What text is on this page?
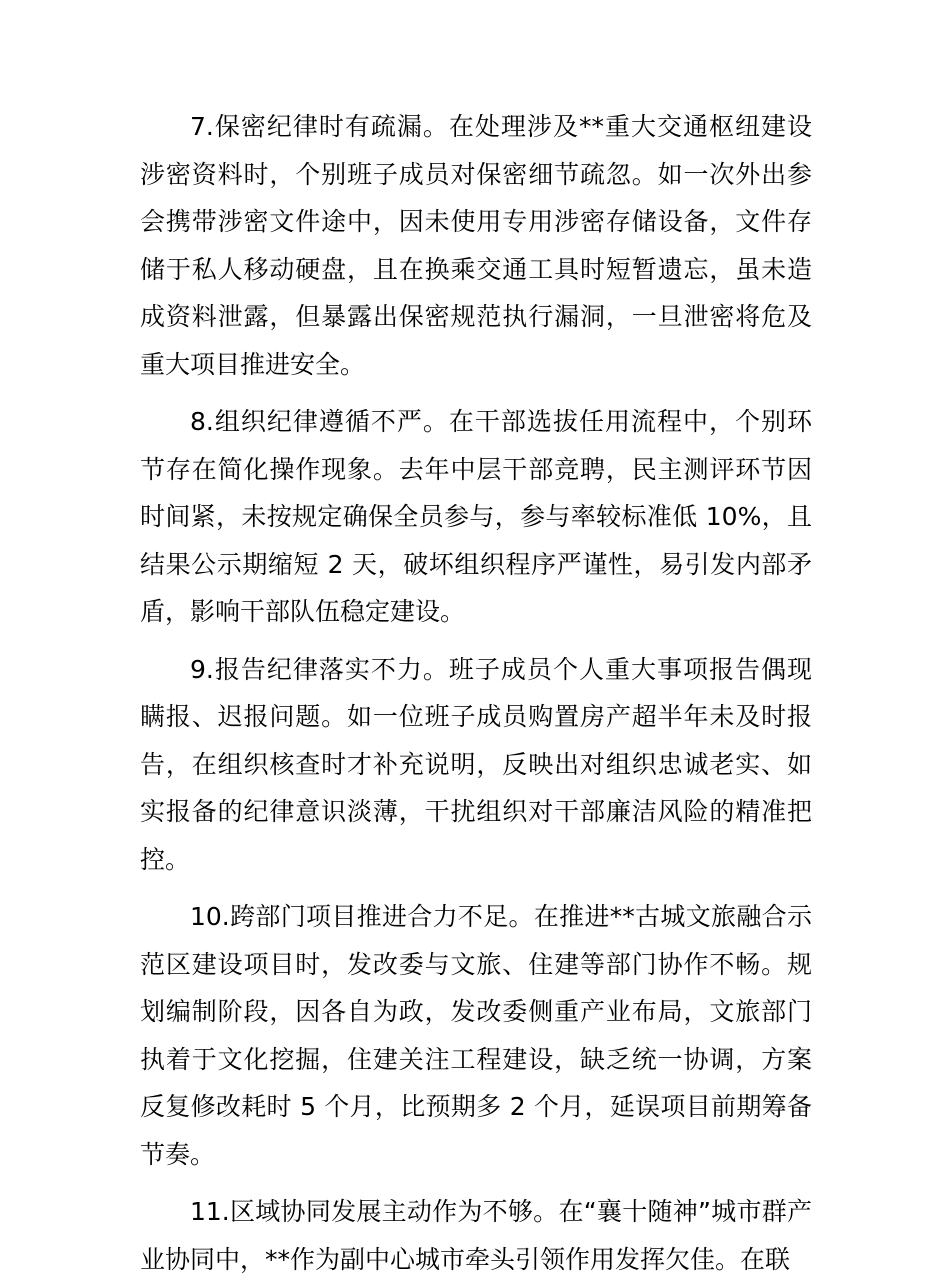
7.保密纪律时有疏漏。在处理涉及**重大交通枢纽建设涉密资料时，个别班子成员对保密细节疏忽。如一次外出参会携带涉密文件途中，因未使用专用涉密存储设备，文件存储于私人移动硬盘，且在换乘交通工具时短暂遗忘，虽未造成资料泄露，但暴露出保密规范执行漏洞，一旦泄密将危及重大项目推进安全。

8.组织纪律遵循不严。在干部选拔任用流程中，个别环节存在简化操作现象。去年中层干部竞聘，民主测评环节因时间紧，未按规定确保全员参与，参与率较标准低 10%，且结果公示期缩短 2 天，破坏组织程序严谨性，易引发内部矛盾，影响干部队伍稳定建设。

9.报告纪律落实不力。班子成员个人重大事项报告偶现瞒报、迟报问题。如一位班子成员购置房产超半年未及时报告，在组织核查时才补充说明，反映出对组织忠诚老实、如实报备的纪律意识淡薄，干扰组织对干部廉洁风险的精准把控。

10.跨部门项目推进合力不足。在推进**古城文旅融合示范区建设项目时，发改委与文旅、住建等部门协作不畅。规划编制阶段，因各自为政，发改委侧重产业布局，文旅部门执着于文化挖掘，住建关注工程建设，缺乏统一协调，方案反复修改耗时 5 个月，比预期多 2 个月，延误项目前期筹备节奏。

11.区域协同发展主动作为不够。在“襄十随神”城市群产业协同中，**作为副中心城市牵头引领作用发挥欠佳。在联
